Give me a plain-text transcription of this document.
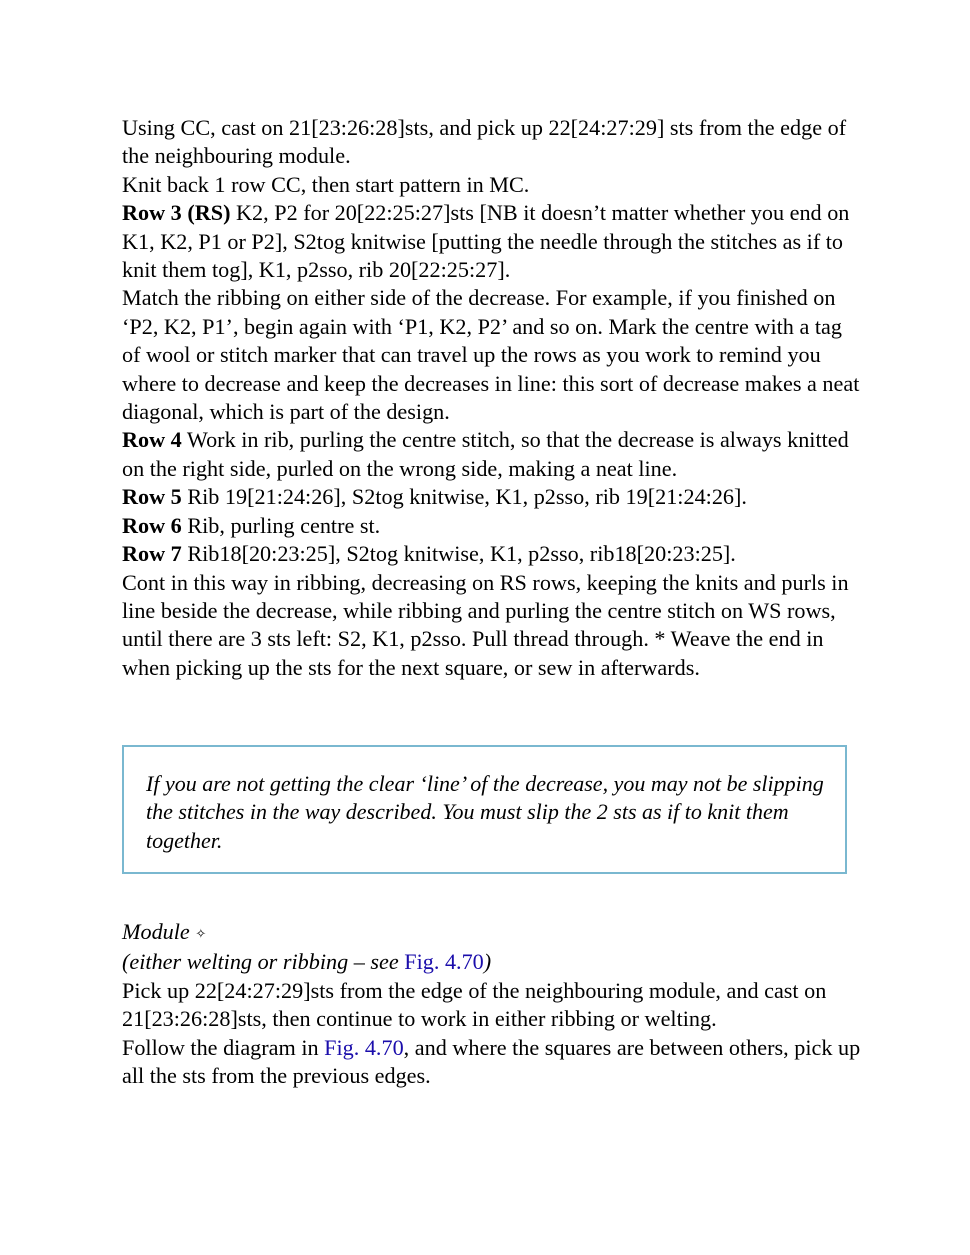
Using CC, cast on 21[23:26:28]sts, and pick up 22[24:27:29] sts from the edge of the neighbouring module.

Knit back 1 row CC, then start pattern in MC.

Row 3 (RS) K2, P2 for 20[22:25:27]sts [NB it doesn’t matter whether you end on K1, K2, P1 or P2], S2tog knitwise [putting the needle through the stitches as if to knit them tog], K1, p2sso, rib 20[22:25:27].

Match the ribbing on either side of the decrease. For example, if you finished on ‘P2, K2, P1’, begin again with ‘P1, K2, P2’ and so on. Mark the centre with a tag of wool or stitch marker that can travel up the rows as you work to remind you where to decrease and keep the decreases in line: this sort of decrease makes a neat diagonal, which is part of the design.

Row 4 Work in rib, purling the centre stitch, so that the decrease is always knitted on the right side, purled on the wrong side, making a neat line.

Row 5 Rib 19[21:24:26], S2tog knitwise, K1, p2sso, rib 19[21:24:26].

Row 6 Rib, purling centre st.

Row 7 Rib18[20:23:25], S2tog knitwise, K1, p2sso, rib18[20:23:25].

Cont in this way in ribbing, decreasing on RS rows, keeping the knits and purls in line beside the decrease, while ribbing and purling the centre stitch on WS rows, until there are 3 sts left: S2, K1, p2sso. Pull thread through. * Weave the end in when picking up the sts for the next square, or sew in afterwards.

If you are not getting the clear ‘line’ of the decrease, you may not be slipping the stitches in the way described. You must slip the 2 sts as if to knit them together.

Module ✧

(either welting or ribbing – see Fig. 4.70)

Pick up 22[24:27:29]sts from the edge of the neighbouring module, and cast on 21[23:26:28]sts, then continue to work in either ribbing or welting.

Follow the diagram in Fig. 4.70, and where the squares are between others, pick up all the sts from the previous edges.
